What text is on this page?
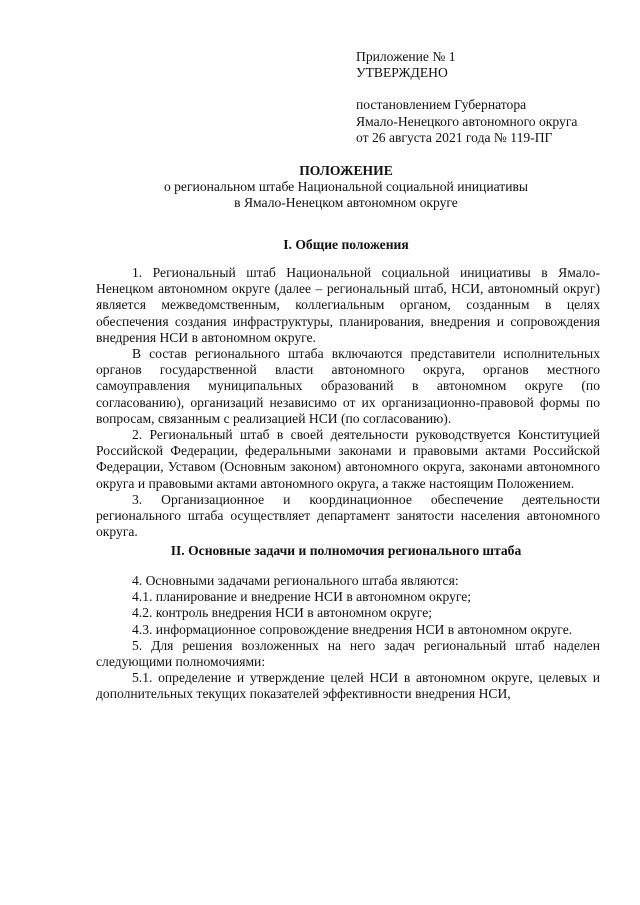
Приложение № 1
УТВЕРЖДЕНО
постановлением Губернатора
Ямало-Ненецкого автономного округа
от 26 августа 2021 года № 119-ПГ
ПОЛОЖЕНИЕ
о региональном штабе Национальной социальной инициативы
в Ямало-Ненецком автономном округе
I. Общие положения

1. Региональный штаб Национальной социальной инициативы в Ямало-Ненецком автономном округе (далее – региональный штаб, НСИ, автономный округ) является межведомственным, коллегиальным органом, созданным в целях обеспечения создания инфраструктуры, планирования, внедрения и сопровождения внедрения НСИ в автономном округе.

В состав регионального штаба включаются представители исполнительных органов государственной власти автономного округа, органов местного самоуправления муниципальных образований в автономном округе (по согласованию), организаций независимо от их организационно-правовой формы по вопросам, связанным с реализацией НСИ (по согласованию).

2. Региональный штаб в своей деятельности руководствуется Конституцией Российской Федерации, федеральными законами и правовыми актами Российской Федерации, Уставом (Основным законом) автономного округа, законами автономного округа и правовыми актами автономного округа, а также настоящим Положением.

3. Организационное и координационное обеспечение деятельности регионального штаба осуществляет департамент занятости населения автономного округа.

II. Основные задачи и полномочия регионального штаба

4. Основными задачами регионального штаба являются:

4.1. планирование и внедрение НСИ в автономном округе;

4.2. контроль внедрения НСИ в автономном округе;

4.3. информационное сопровождение внедрения НСИ в автономном округе.

5. Для решения возложенных на него задач региональный штаб наделен следующими полномочиями:

5.1. определение и утверждение целей НСИ в автономном округе, целевых и дополнительных текущих показателей эффективности внедрения НСИ,
